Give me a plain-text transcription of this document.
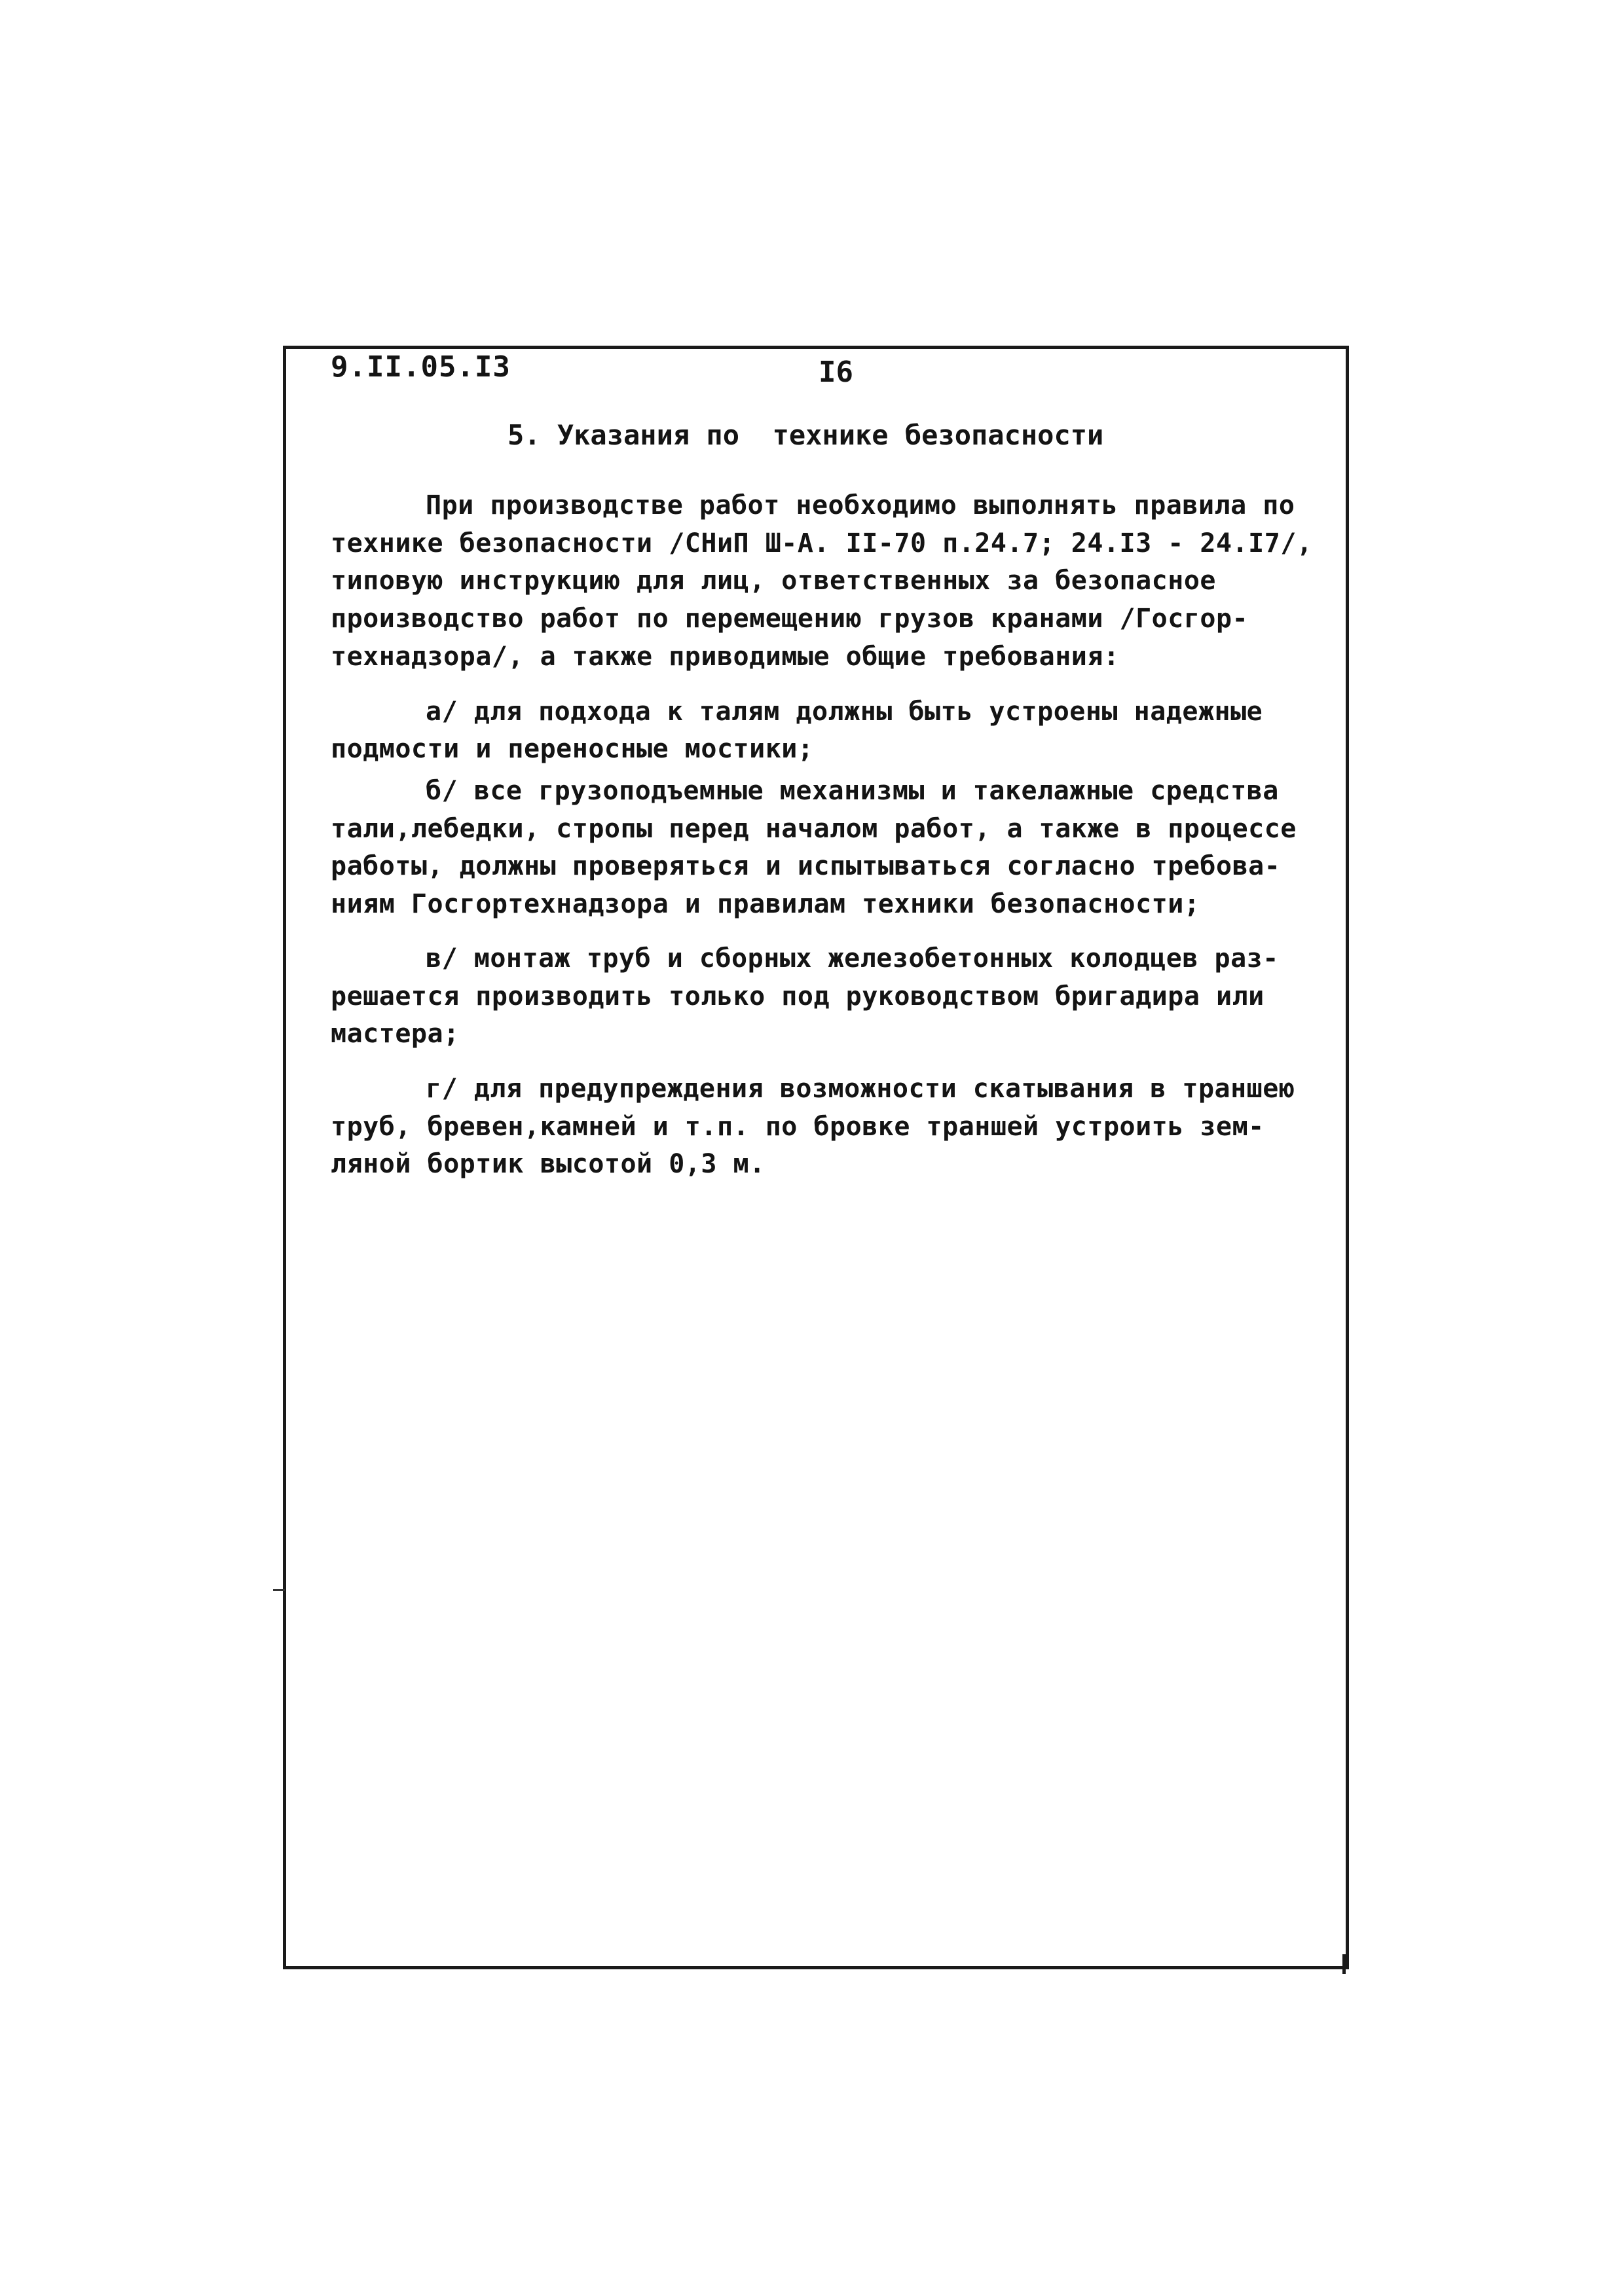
9.II.05.I3	I6
5. Указания по  технике безопасности
При производстве работ необходимо выполнять правила по
технике безопасности /СНиП Ш-А. II-70 п.24.7; 24.I3 - 24.I7/,
типовую инструкцию для лиц, ответственных за безопасное
производство работ по перемещению грузов кранами /Госгор-
технадзора/, а также приводимые общие требования:
а/ для подхода к талям должны быть устроены надежные
подмости и переносные мостики;
б/ все грузоподъемные механизмы и такелажные средства
тали,лебедки, стропы перед началом работ, а также в процессе
работы, должны проверяться и испытываться согласно требова-
ниям Госгортехнадзора и правилам техники безопасности;
в/ монтаж труб и сборных железобетонных колодцев раз-
решается производить только под руководством бригадира или
мастера;
г/ для предупреждения возможности скатывания в траншею
труб, бревен,камней и т.п. по бровке траншей устроить зем-
ляной бортик высотой 0,3 м.
